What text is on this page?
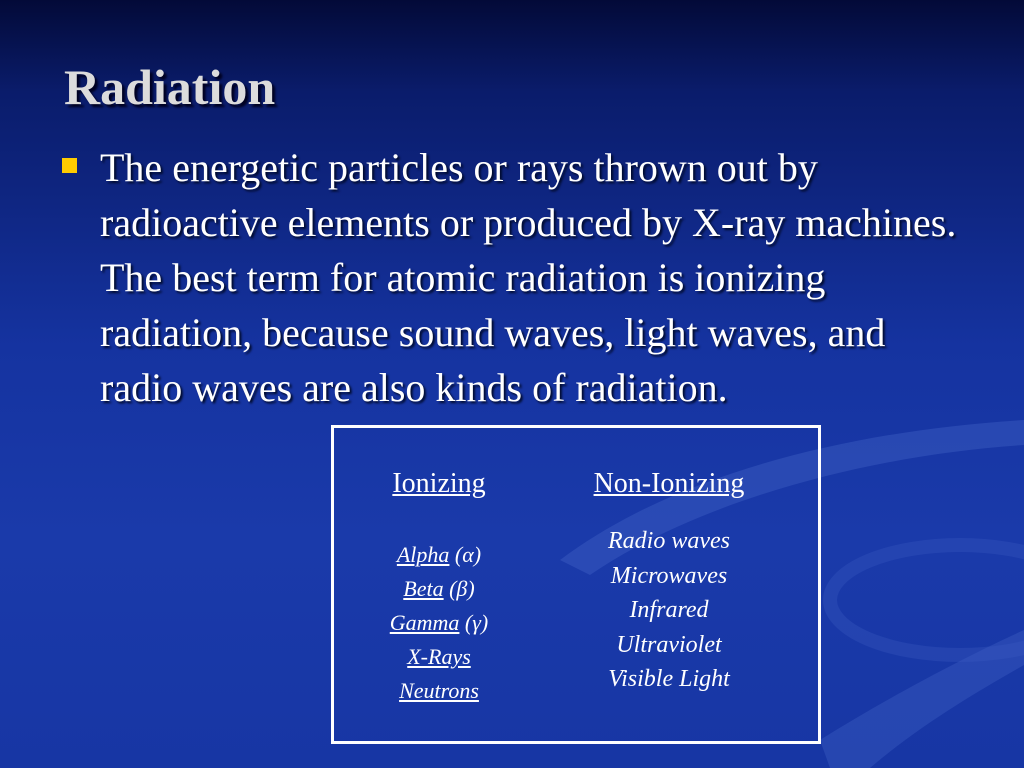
Radiation

The energetic particles or rays thrown out by radioactive elements or produced by X-ray machines. The best term for atomic radiation is ionizing radiation, because sound waves, light waves, and radio waves are also kinds of radiation.

Ionizing
Alpha (α)
Beta (β)
Gamma (γ)
X-Rays
Neutrons
Non-Ionizing
Radio waves
Microwaves
Infrared
Ultraviolet
Visible Light
